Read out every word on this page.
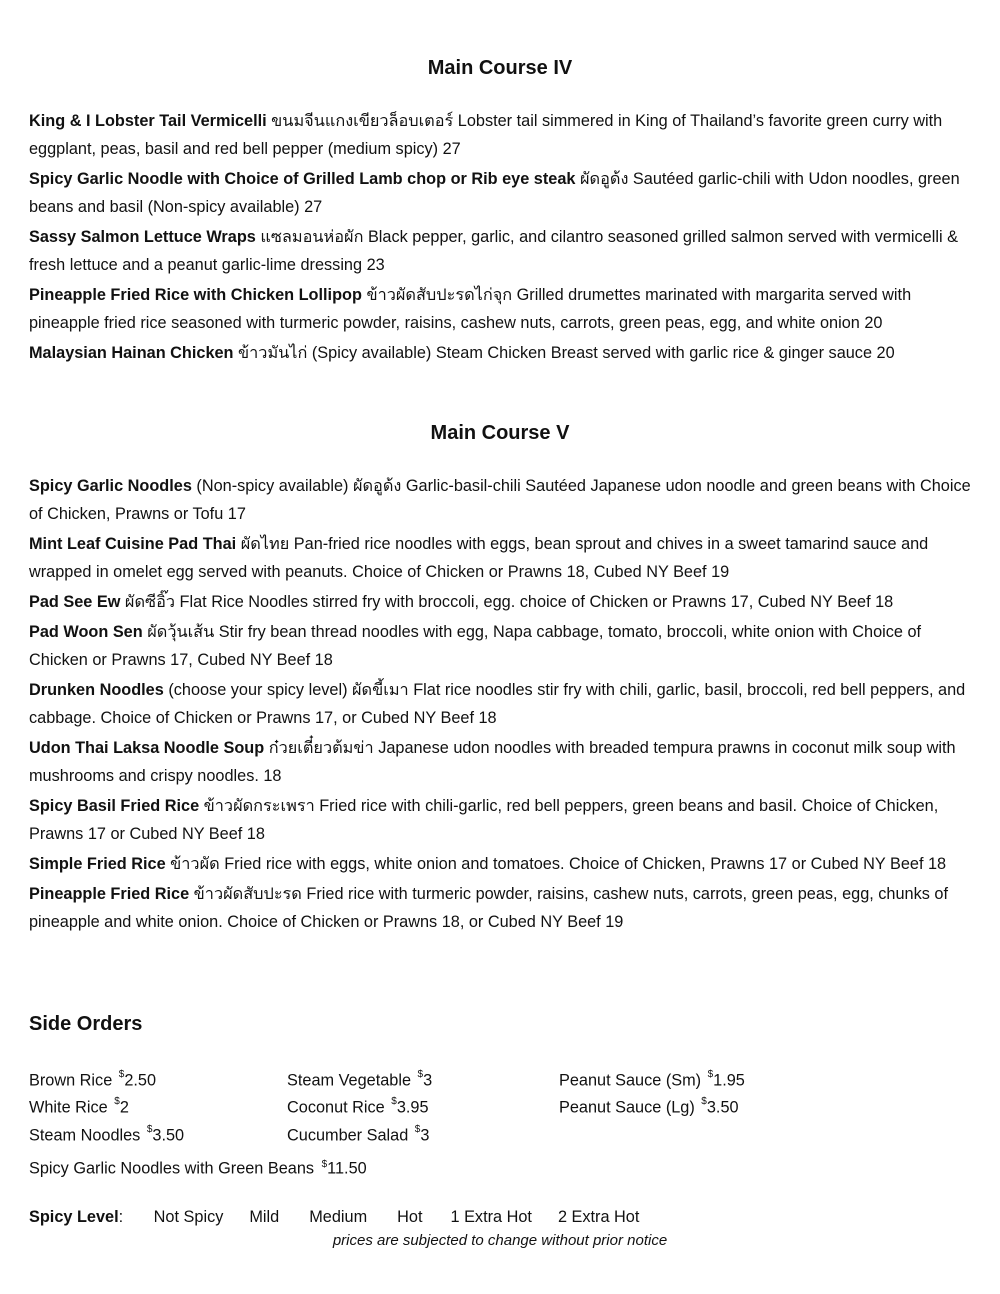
Main Course IV

King & I Lobster Tail Vermicelli ขนมจีนแกงเขียวล็อบเตอร์ Lobster tail simmered in King of Thailand’s favorite green curry with eggplant, peas, basil and red bell pepper (medium spicy) 27

Spicy Garlic Noodle with Choice of Grilled Lamb chop or Rib eye steak ผัดอูด้ง Sautéed garlic-chili with Udon noodles, green beans and basil (Non-spicy available) 27

Sassy Salmon Lettuce Wraps แซลมอนห่อผัก Black pepper, garlic, and cilantro seasoned grilled salmon served with vermicelli & fresh lettuce and a peanut garlic-lime dressing 23

Pineapple Fried Rice with Chicken Lollipop ข้าวผัดสับปะรดไก่จุก Grilled drumettes marinated with margarita served with pineapple fried rice seasoned with turmeric powder, raisins, cashew nuts, carrots, green peas, egg, and white onion 20

Malaysian Hainan Chicken ข้าวมันไก่ (Spicy available) Steam Chicken Breast served with garlic rice & ginger sauce 20

Main Course V

Spicy Garlic Noodles (Non-spicy available) ผัดอูด้ง Garlic-basil-chili Sautéed Japanese udon noodle and green beans with Choice of Chicken, Prawns or Tofu 17

Mint Leaf Cuisine Pad Thai ผัดไทย Pan-fried rice noodles with eggs, bean sprout and chives in a sweet tamarind sauce and wrapped in omelet egg served with peanuts. Choice of Chicken or Prawns 18, Cubed NY Beef 19

Pad See Ew ผัดซีอิ๊ว Flat Rice Noodles stirred fry with broccoli, egg. choice of Chicken or Prawns 17, Cubed NY Beef 18

Pad Woon Sen ผัดวุ้นเส้น Stir fry bean thread noodles with egg, Napa cabbage, tomato, broccoli, white onion with Choice of Chicken or Prawns 17, Cubed NY Beef 18

Drunken Noodles (choose your spicy level) ผัดขี้เมา Flat rice noodles stir fry with chili, garlic, basil, broccoli, red bell peppers, and cabbage. Choice of Chicken or Prawns 17, or Cubed NY Beef 18

Udon Thai Laksa Noodle Soup ก๋วยเตี๋ยวต้มข่า Japanese udon noodles with breaded tempura prawns in coconut milk soup with mushrooms and crispy noodles. 18

Spicy Basil Fried Rice ข้าวผัดกระเพรา Fried rice with chili-garlic, red bell peppers, green beans and basil. Choice of Chicken, Prawns 17 or Cubed NY Beef 18

Simple Fried Rice ข้าวผัด Fried rice with eggs, white onion and tomatoes. Choice of Chicken, Prawns 17 or Cubed NY Beef 18

Pineapple Fried Rice ข้าวผัดสับปะรด Fried rice with turmeric powder, raisins, cashew nuts, carrots, green peas, egg, chunks of pineapple and white onion. Choice of Chicken or Prawns 18, or Cubed NY Beef 19

Side Orders
Brown Rice $2.50
White Rice $2
Steam Noodles $3.50
Steam Vegetable $3
Coconut Rice $3.95
Cucumber Salad $3
Peanut Sauce (Sm) $1.95
Peanut Sauce (Lg) $3.50
Spicy Garlic Noodles with Green Beans $11.50
Spicy Level: Not Spicy Mild Medium Hot 1 Extra Hot 2 Extra Hot
prices are subjected to change without prior notice
